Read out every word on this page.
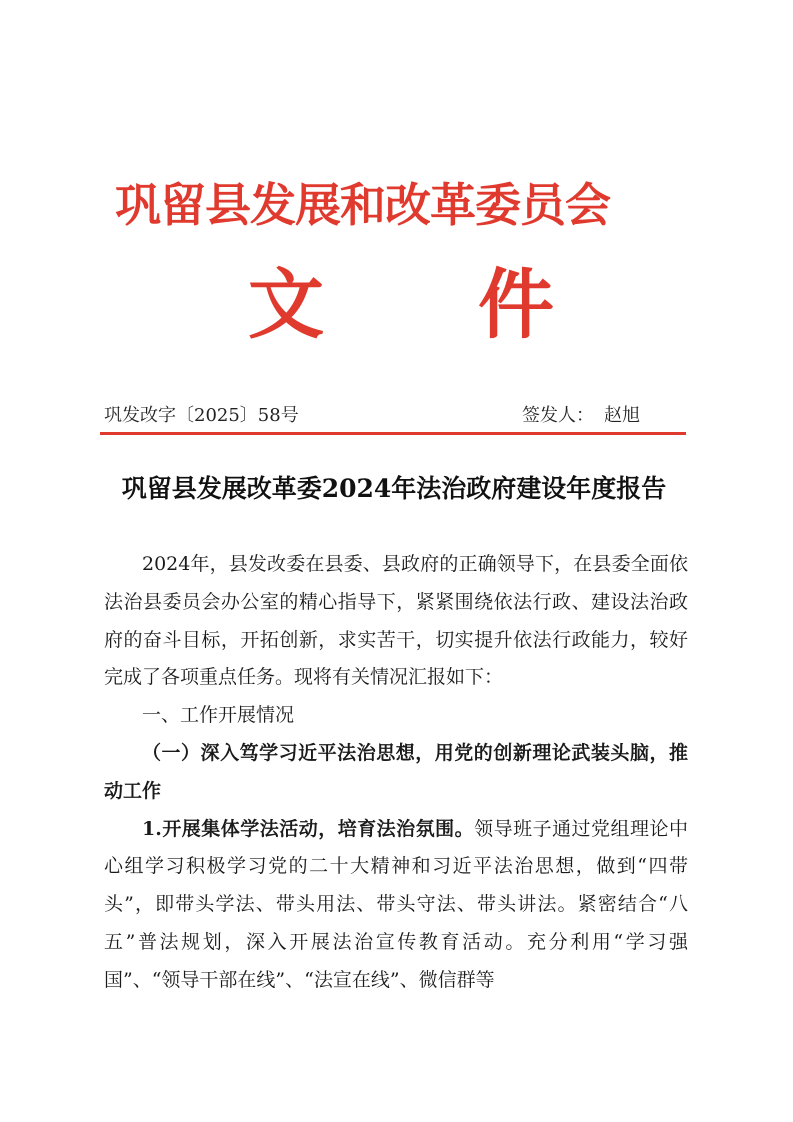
巩留县发展和改革委员会
文 件
巩发改字〔2025〕58号	签发人： 赵旭
巩留县发展改革委2024年法治政府建设年度报告

2024年，县发改委在县委、县政府的正确领导下，在县委全面依法治县委员会办公室的精心指导下，紧紧围绕依法行政、建设法治政府的奋斗目标，开拓创新，求实苦干，切实提升依法行政能力，较好完成了各项重点任务。现将有关情况汇报如下：

一、工作开展情况

（一）深入笃学习近平法治思想，用党的创新理论武装头脑，推动工作

1.开展集体学法活动，培育法治氛围。领导班子通过党组理论中心组学习积极学习党的二十大精神和习近平法治思想，做到“四带头”，即带头学法、带头用法、带头守法、带头讲法。紧密结合“八五”普法规划，深入开展法治宣传教育活动。充分利用“学习强国”、“领导干部在线”、“法宣在线”、微信群等
